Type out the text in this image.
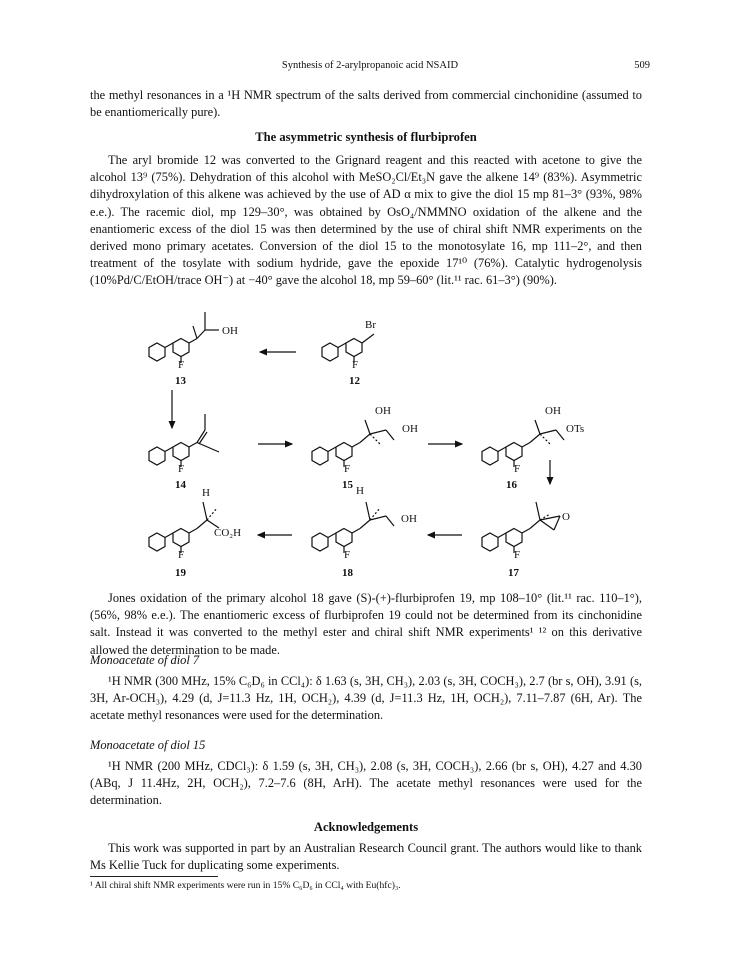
Synthesis of 2-arylpropanoic acid NSAID	509
the methyl resonances in a ¹H NMR spectrum of the salts derived from commercial cinchonidine (assumed to be enantiomerically pure).
The asymmetric synthesis of flurbiprofen
The aryl bromide 12 was converted to the Grignard reagent and this reacted with acetone to give the alcohol 13⁹ (75%). Dehydration of this alcohol with MeSO₂Cl/Et₃N gave the alkene 14⁹ (83%). Asymmetric dihydroxylation of this alkene was achieved by the use of AD α mix to give the diol 15 mp 81–3° (93%, 98% e.e.). The racemic diol, mp 129–30°, was obtained by OsO₄/NMMNO oxidation of the alkene and the enantiomeric excess of the diol 15 was then determined by the use of chiral shift NMR experiments on the derived mono primary acetates. Conversion of the diol 15 to the monotosylate 16, mp 111–2°, and then treatment of the tosylate with sodium hydride, gave the epoxide 17¹⁰ (76%). Catalytic hydrogenolysis (10%Pd/C/EtOH/trace OH⁻) at −40° gave the alcohol 18, mp 59–60° (lit.¹¹ rac. 61–3°) (90%).
OH
F
13
Br
F
12
F
14
OH
OH
F
15
OH
OTs
F
16
H
CO₂H
F
19
H
OH
F
18
O
F
17
Jones oxidation of the primary alcohol 18 gave (S)-(+)-flurbiprofen 19, mp 108–10° (lit.¹¹ rac. 110–1°), (56%, 98% e.e.). The enantiomeric excess of flurbiprofen 19 could not be determined from its cinchonidine salt. Instead it was converted to the methyl ester and chiral shift NMR experiments¹ ¹² on this derivative allowed the determination to be made.
Monoacetate of diol 7
¹H NMR (300 MHz, 15% C₆D₆ in CCl₄): δ 1.63 (s, 3H, CH₃), 2.03 (s, 3H, COCH₃), 2.7 (br s, OH), 3.91 (s, 3H, Ar-OCH₃), 4.29 (d, J=11.3 Hz, 1H, OCH₂), 4.39 (d, J=11.3 Hz, 1H, OCH₂), 7.11–7.87 (6H, Ar). The acetate methyl resonances were used for the determination.
Monoacetate of diol 15
¹H NMR (200 MHz, CDCl₃): δ 1.59 (s, 3H, CH₃), 2.08 (s, 3H, COCH₃), 2.66 (br s, OH), 4.27 and 4.30 (ABq, J 11.4Hz, 2H, OCH₂), 7.2–7.6 (8H, ArH). The acetate methyl resonances were used for the determination.
Acknowledgements
This work was supported in part by an Australian Research Council grant. The authors would like to thank Ms Kellie Tuck for duplicating some experiments.
¹ All chiral shift NMR experiments were run in 15% C₆D₆ in CCl₄ with Eu(hfc)₃.
